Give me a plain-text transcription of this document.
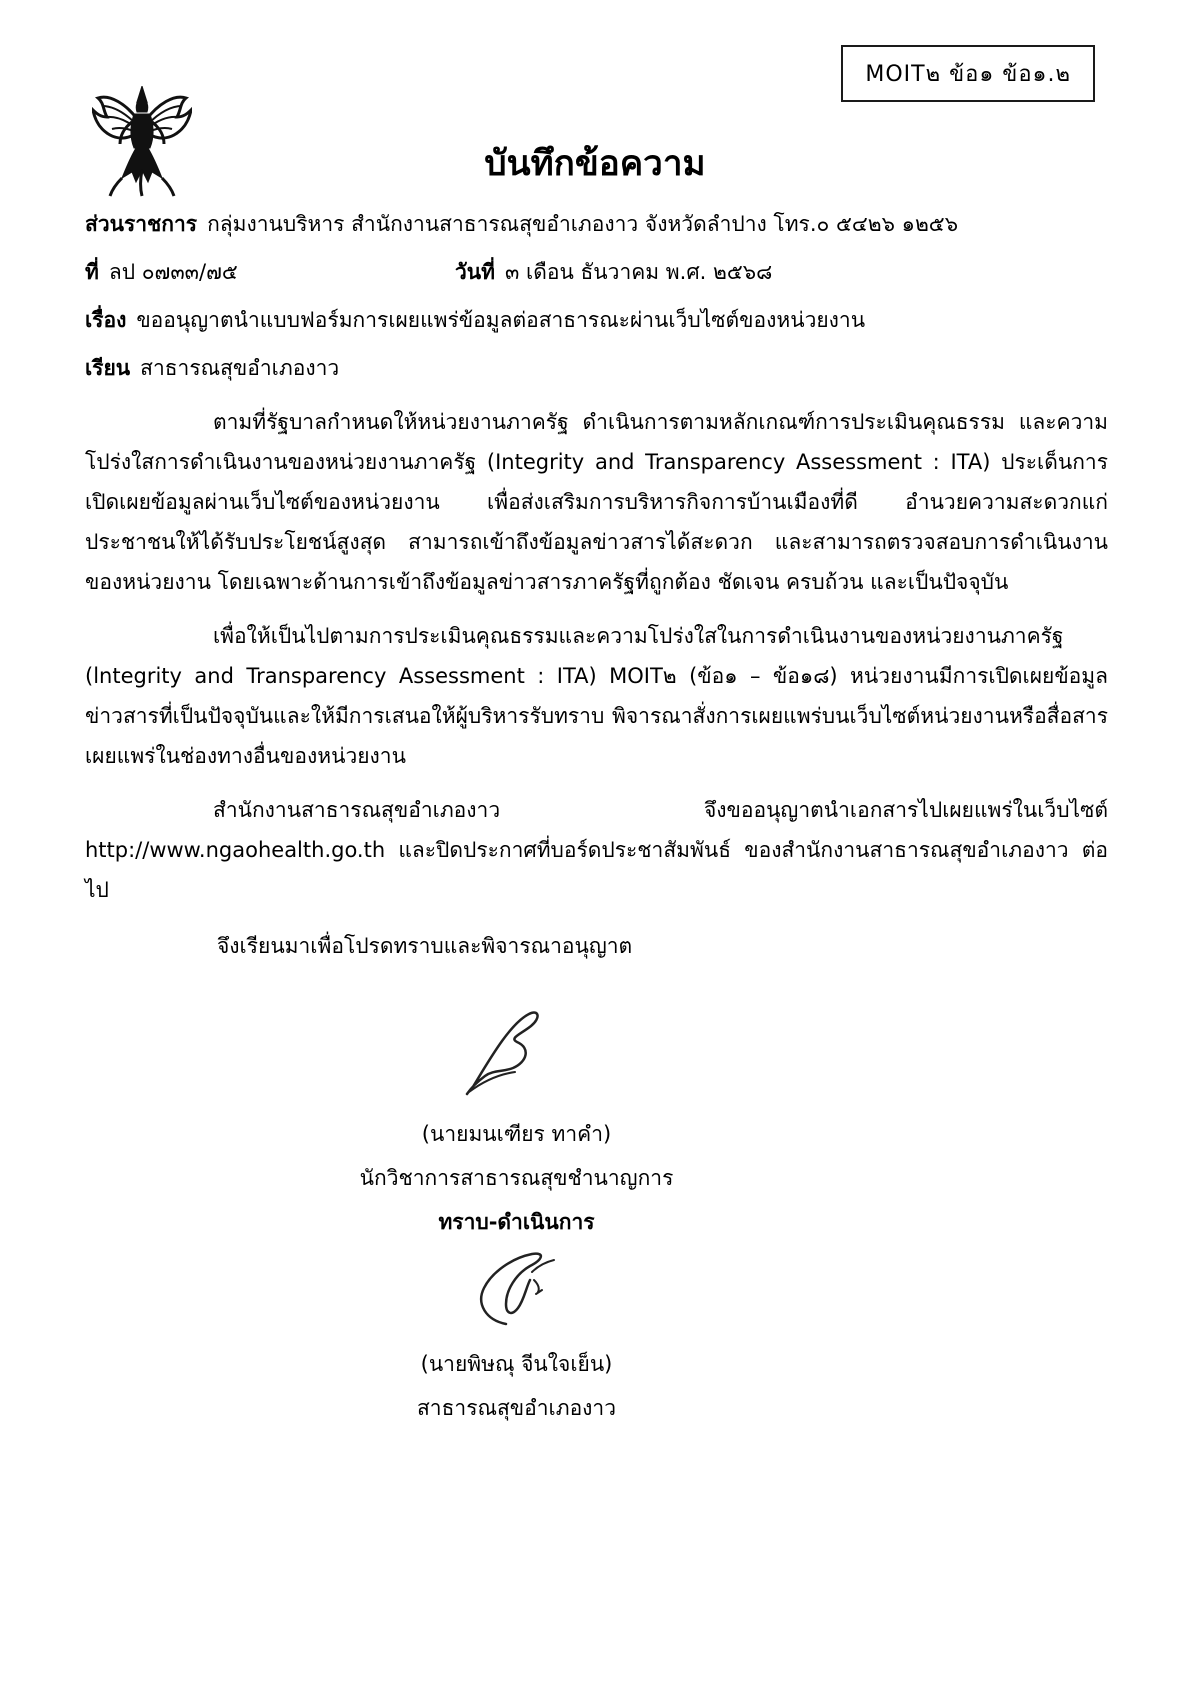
MOIT๒ ข้อ๑ ข้อ๑.๒
บันทึกข้อความ
ส่วนราชการ กลุ่มงานบริหาร สำนักงานสาธารณสุขอำเภองาว จังหวัดลำปาง โทร.๐ ๕๔๒๖ ๑๒๕๖
ที่ ลป ๐๗๓๓/๗๕	วันที่ ๓ เดือน ธันวาคม พ.ศ. ๒๕๖๘
เรื่อง ขออนุญาตนำแบบฟอร์มการเผยแพร่ข้อมูลต่อสาธารณะผ่านเว็บไซต์ของหน่วยงาน
เรียน สาธารณสุขอำเภองาว

ตามที่รัฐบาลกำหนดให้หน่วยงานภาครัฐ ดำเนินการตามหลักเกณฑ์การประเมินคุณธรรม และความโปร่งใสการดำเนินงานของหน่วยงานภาครัฐ (Integrity and Transparency Assessment : ITA) ประเด็นการเปิดเผยข้อมูลผ่านเว็บไซต์ของหน่วยงาน เพื่อส่งเสริมการบริหารกิจการบ้านเมืองที่ดี อำนวยความสะดวกแก่ประชาชนให้ได้รับประโยชน์สูงสุด สามารถเข้าถึงข้อมูลข่าวสารได้สะดวก และสามารถตรวจสอบการดำเนินงานของหน่วยงาน โดยเฉพาะด้านการเข้าถึงข้อมูลข่าวสารภาครัฐที่ถูกต้อง ชัดเจน ครบถ้วน และเป็นปัจจุบัน

เพื่อให้เป็นไปตามการประเมินคุณธรรมและความโปร่งใสในการดำเนินงานของหน่วยงานภาครัฐ (lntegrity and Transparency Assessment : ITA) MOIT๒ (ข้อ๑ – ข้อ๑๘) หน่วยงานมีการเปิดเผยข้อมูลข่าวสารที่เป็นปัจจุบันและให้มีการเสนอให้ผู้บริหารรับทราบ พิจารณาสั่งการเผยแพร่บนเว็บไซต์หน่วยงานหรือสื่อสารเผยแพร่ในช่องทางอื่นของหน่วยงาน

สำนักงานสาธารณสุขอำเภองาว จึงขออนุญาตนำเอกสารไปเผยแพร่ในเว็บไซต์ http://www.ngaohealth.go.th และปิดประกาศที่บอร์ดประชาสัมพันธ์ ของสำนักงานสาธารณสุขอำเภองาว ต่อไป

จึงเรียนมาเพื่อโปรดทราบและพิจารณาอนุญาต
(นายมนเฑียร ทาคำ)
นักวิชาการสาธารณสุขชำนาญการ
ทราบ-ดำเนินการ
(นายพิษณุ จีนใจเย็น)
สาธารณสุขอำเภองาว
